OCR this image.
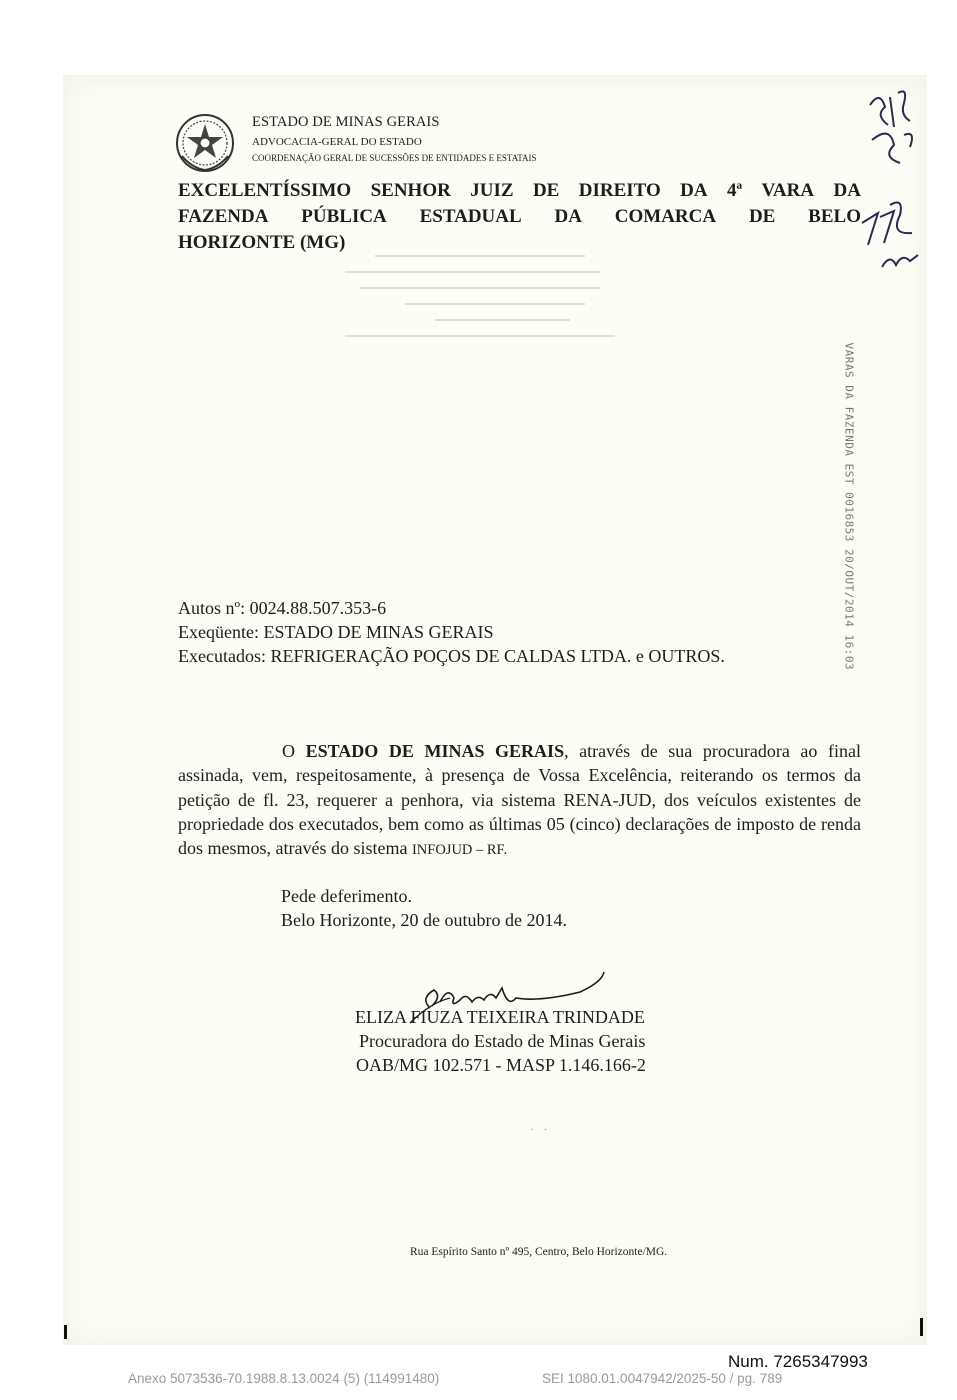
ESTADO DE MINAS GERAIS
ADVOCACIA-GERAL DO ESTADO
COORDENAÇÃO GERAL DE SUCESSÕES DE ENTIDADES E ESTATAIS
EXCELENTÍSSIMO SENHOR JUIZ DE DIREITO DA 4ª VARA DA
FAZENDA PÚBLICA ESTADUAL DA COMARCA DE BELO
HORIZONTE (MG)
VARAS DA FAZENDA EST 0016853 20/OUT/2014 16:03
Autos nº: 0024.88.507.353-6
Exeqüente: ESTADO DE MINAS GERAIS
Executados: REFRIGERAÇÃO POÇOS DE CALDAS LTDA. e OUTROS.
O ESTADO DE MINAS GERAIS, através de sua procuradora ao final assinada, vem, respeitosamente, à presença de Vossa Excelência, reiterando os termos da petição de fl. 23, requerer a penhora, via sistema RENA-JUD, dos veículos existentes de propriedade dos executados, bem como as últimas 05 (cinco) declarações de imposto de renda dos mesmos, através do sistema INFOJUD – RF.
Pede deferimento.
Belo Horizonte, 20 de outubro de 2014.
ELIZA FIUZA TEIXEIRA TRINDADE
Procuradora do Estado de Minas Gerais
OAB/MG 102.571 - MASP 1.146.166-2
· ·
Rua Espírito Santo nº 495, Centro, Belo Horizonte/MG.
Num. 7265347993
Anexo 5073536-70.1988.8.13.0024 (5) (114991480)	SEI 1080.01.0047942/2025-50 / pg. 789
